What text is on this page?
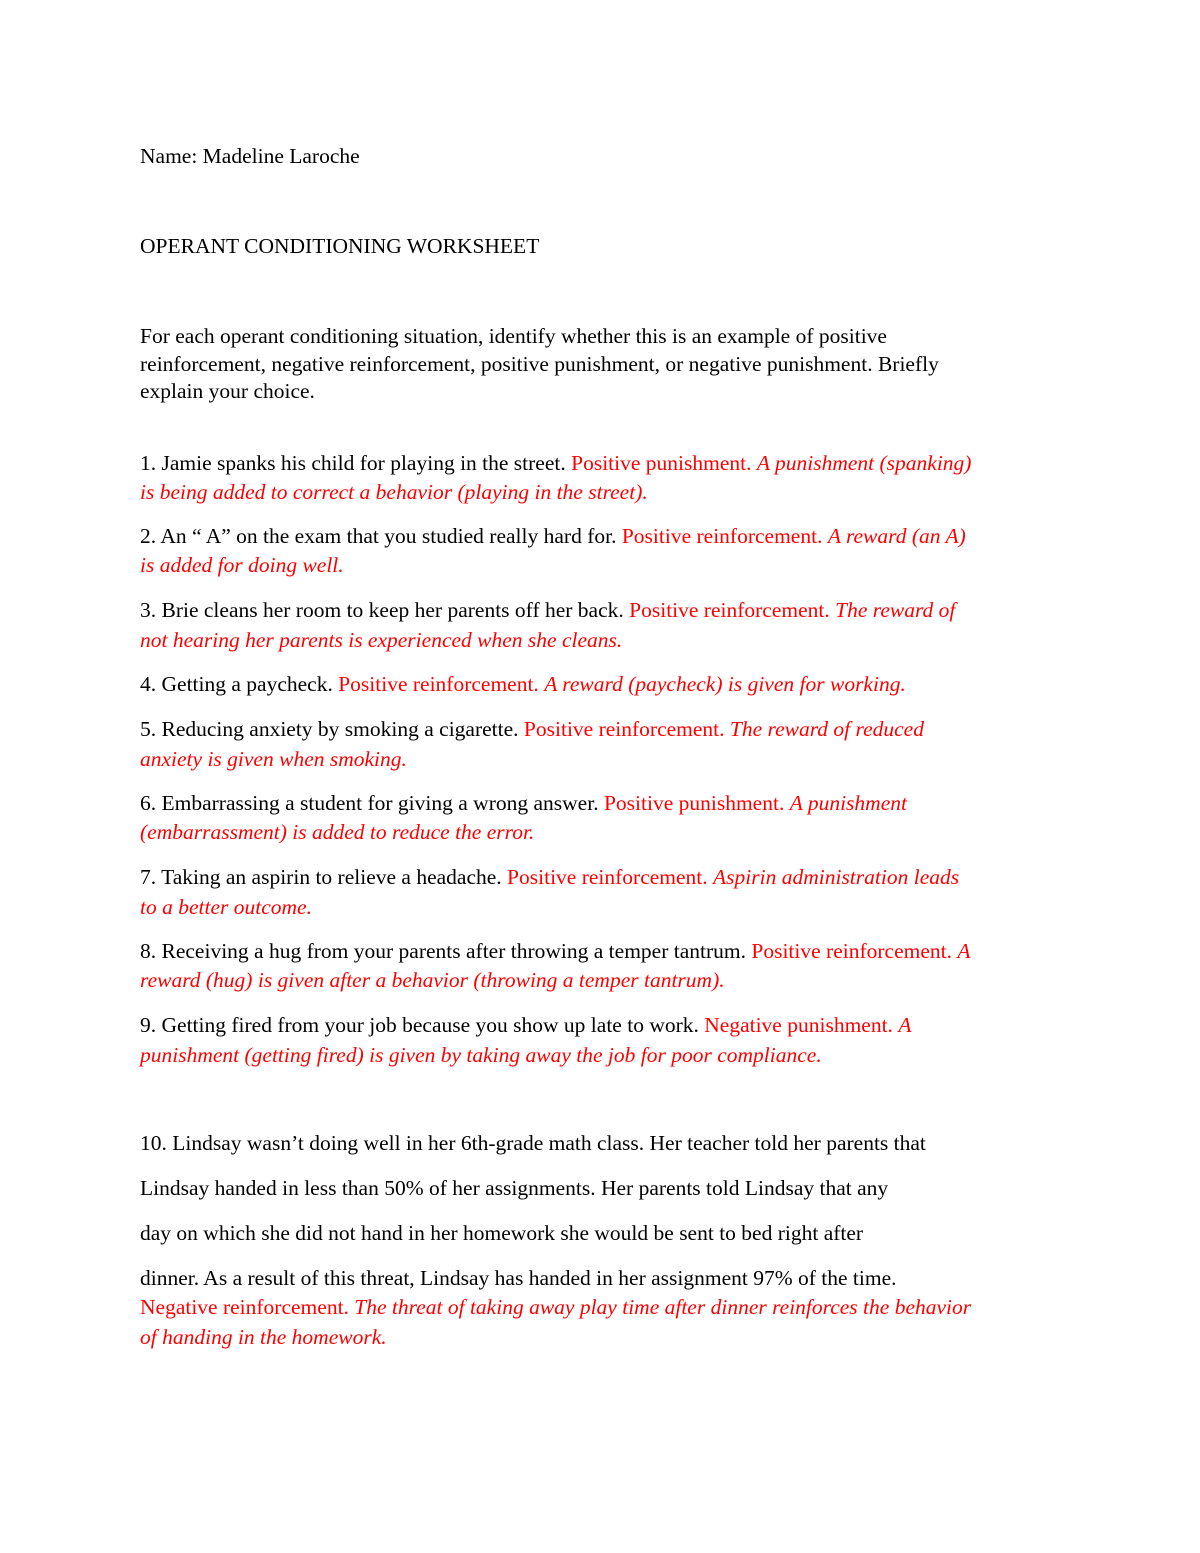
Name: Madeline Laroche
OPERANT CONDITIONING WORKSHEET
For each operant conditioning situation, identify whether this is an example of positive
reinforcement, negative reinforcement, positive punishment, or negative punishment. Briefly
explain your choice.
1. Jamie spanks his child for playing in the street. Positive punishment. A punishment (spanking)
is being added to correct a behavior (playing in the street).
2. An “ A” on the exam that you studied really hard for. Positive reinforcement. A reward (an A)
is added for doing well.
3. Brie cleans her room to keep her parents off her back. Positive reinforcement. The reward of
not hearing her parents is experienced when she cleans.
4. Getting a paycheck. Positive reinforcement. A reward (paycheck) is given for working.
5. Reducing anxiety by smoking a cigarette. Positive reinforcement. The reward of reduced
anxiety is given when smoking.
6. Embarrassing a student for giving a wrong answer. Positive punishment. A punishment
(embarrassment) is added to reduce the error.
7. Taking an aspirin to relieve a headache. Positive reinforcement. Aspirin administration leads
to a better outcome.
8. Receiving a hug from your parents after throwing a temper tantrum. Positive reinforcement. A
reward (hug) is given after a behavior (throwing a temper tantrum).
9. Getting fired from your job because you show up late to work. Negative punishment. A
punishment (getting fired) is given by taking away the job for poor compliance.
10. Lindsay wasn’t doing well in her 6th-grade math class. Her teacher told her parents that
Lindsay handed in less than 50% of her assignments. Her parents told Lindsay that any
day on which she did not hand in her homework she would be sent to bed right after
dinner. As a result of this threat, Lindsay has handed in her assignment 97% of the time.
Negative reinforcement. The threat of taking away play time after dinner reinforces the behavior
of handing in the homework.
